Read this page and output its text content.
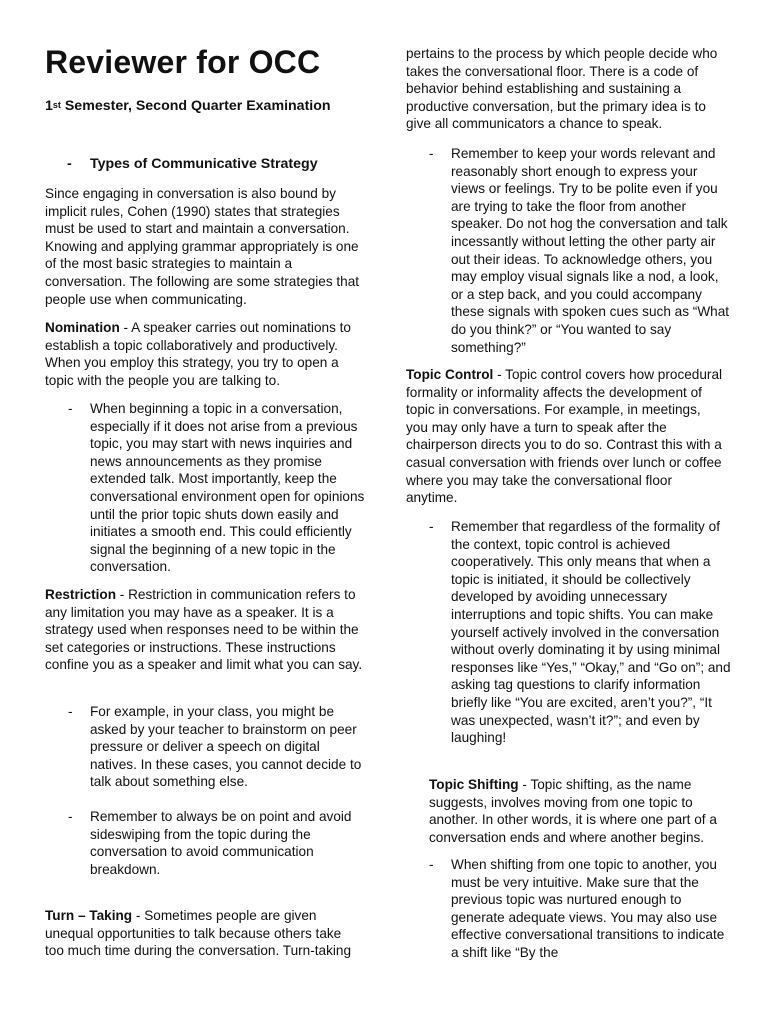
Reviewer for OCC

1st Semester, Second Quarter Examination

- Types of Communicative Strategy

Since engaging in conversation is also bound by implicit rules, Cohen (1990) states that strategies must be used to start and maintain a conversation. Knowing and applying grammar appropriately is one of the most basic strategies to maintain a conversation. The following are some strategies that people use when communicating.

Nomination - A speaker carries out nominations to establish a topic collaboratively and productively. When you employ this strategy, you try to open a topic with the people you are talking to.

- When beginning a topic in a conversation, especially if it does not arise from a previous topic, you may start with news inquiries and news announcements as they promise extended talk. Most importantly, keep the conversational environment open for opinions until the prior topic shuts down easily and initiates a smooth end. This could efficiently signal the beginning of a new topic in the conversation.

Restriction - Restriction in communication refers to any limitation you may have as a speaker. It is a strategy used when responses need to be within the set categories or instructions. These instructions confine you as a speaker and limit what you can say.

- For example, in your class, you might be asked by your teacher to brainstorm on peer pressure or deliver a speech on digital natives. In these cases, you cannot decide to talk about something else.
- Remember to always be on point and avoid sideswiping from the topic during the conversation to avoid communication breakdown.

Turn – Taking - Sometimes people are given unequal opportunities to talk because others take too much time during the conversation. Turn-taking

pertains to the process by which people decide who takes the conversational floor. There is a code of behavior behind establishing and sustaining a productive conversation, but the primary idea is to give all communicators a chance to speak.

- Remember to keep your words relevant and reasonably short enough to express your views or feelings. Try to be polite even if you are trying to take the floor from another speaker. Do not hog the conversation and talk incessantly without letting the other party air out their ideas. To acknowledge others, you may employ visual signals like a nod, a look, or a step back, and you could accompany these signals with spoken cues such as “What do you think?” or “You wanted to say something?”

Topic Control - Topic control covers how procedural formality or informality affects the development of topic in conversations. For example, in meetings, you may only have a turn to speak after the chairperson directs you to do so. Contrast this with a casual conversation with friends over lunch or coffee where you may take the conversational floor anytime.

- Remember that regardless of the formality of the context, topic control is achieved cooperatively. This only means that when a topic is initiated, it should be collectively developed by avoiding unnecessary interruptions and topic shifts. You can make yourself actively involved in the conversation without overly dominating it by using minimal responses like “Yes,” “Okay,” and “Go on”; and asking tag questions to clarify information briefly like “You are excited, aren’t you?”, “It was unexpected, wasn’t it?”; and even by laughing!

Topic Shifting - Topic shifting, as the name suggests, involves moving from one topic to another. In other words, it is where one part of a conversation ends and where another begins.

- When shifting from one topic to another, you must be very intuitive. Make sure that the previous topic was nurtured enough to generate adequate views. You may also use effective conversational transitions to indicate a shift like “By the
